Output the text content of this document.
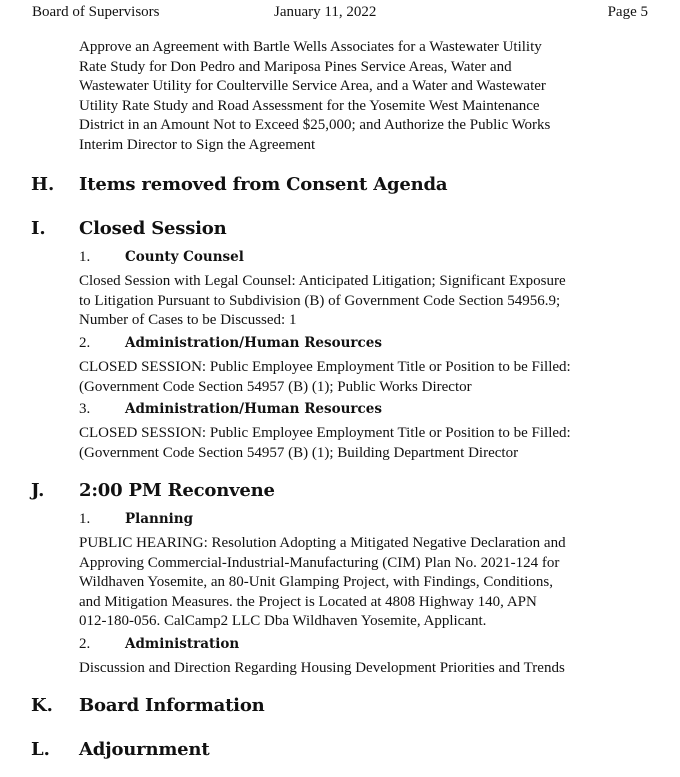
Board of Supervisors	January 11, 2022	Page 5
Approve an Agreement with Bartle Wells Associates for a Wastewater Utility
Rate Study for Don Pedro and Mariposa Pines Service Areas, Water and
Wastewater Utility for Coulterville Service Area, and a Water and Wastewater
Utility Rate Study and Road Assessment for the Yosemite West Maintenance
District in an Amount Not to Exceed $25,000; and Authorize the Public Works
Interim Director to Sign the Agreement
H. Items removed from Consent Agenda
I. Closed Session
1.	County Counsel
Closed Session with Legal Counsel: Anticipated Litigation; Significant Exposure
to Litigation Pursuant to Subdivision (B) of Government Code Section 54956.9;
Number of Cases to be Discussed: 1
2.	Administration/Human Resources
CLOSED SESSION: Public Employee Employment Title or Position to be Filled:
(Government Code Section 54957 (B) (1); Public Works Director
3.	Administration/Human Resources
CLOSED SESSION: Public Employee Employment Title or Position to be Filled:
(Government Code Section 54957 (B) (1); Building Department Director
J. 2:00 PM Reconvene
1.	Planning
PUBLIC HEARING: Resolution Adopting a Mitigated Negative Declaration and
Approving Commercial-Industrial-Manufacturing (CIM) Plan No. 2021-124 for
Wildhaven Yosemite, an 80-Unit Glamping Project, with Findings, Conditions,
and Mitigation Measures. the Project is Located at 4808 Highway 140, APN
012-180-056. CalCamp2 LLC Dba Wildhaven Yosemite, Applicant.
2.	Administration
Discussion and Direction Regarding Housing Development Priorities and Trends
K. Board Information
L. Adjournment
